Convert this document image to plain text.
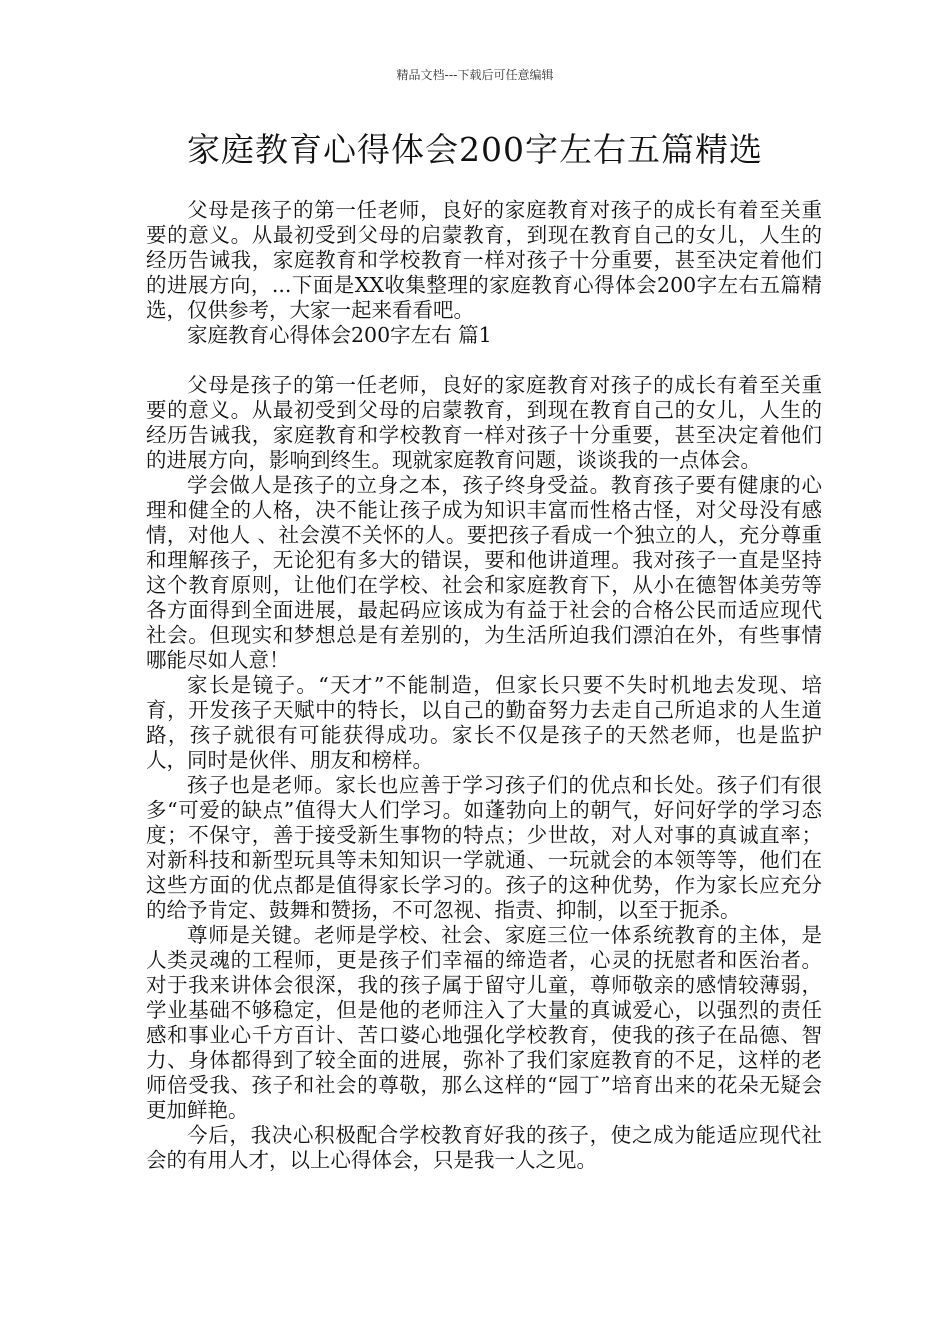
精品文档---下载后可任意编辑
家庭教育心得体会200字左右五篇精选

父母是孩子的第一任老师，良好的家庭教育对孩子的成长有着至关重要的意义。从最初受到父母的启蒙教育，到现在教育自己的女儿，人生的经历告诫我，家庭教育和学校教育一样对孩子十分重要，甚至决定着他们的进展方向，...下面是XX收集整理的家庭教育心得体会200字左右五篇精选，仅供参考，大家一起来看看吧。

家庭教育心得体会200字左右 篇1

父母是孩子的第一任老师，良好的家庭教育对孩子的成长有着至关重要的意义。从最初受到父母的启蒙教育，到现在教育自己的女儿，人生的经历告诫我，家庭教育和学校教育一样对孩子十分重要，甚至决定着他们的进展方向，影响到终生。现就家庭教育问题，谈谈我的一点体会。

学会做人是孩子的立身之本，孩子终身受益。教育孩子要有健康的心理和健全的人格，决不能让孩子成为知识丰富而性格古怪，对父母没有感情，对他人 、社会漠不关怀的人。要把孩子看成一个独立的人，充分尊重和理解孩子，无论犯有多大的错误，要和他讲道理。我对孩子一直是坚持这个教育原则，让他们在学校、社会和家庭教育下，从小在德智体美劳等各方面得到全面进展，最起码应该成为有益于社会的合格公民而适应现代社会。但现实和梦想总是有差别的，为生活所迫我们漂泊在外，有些事情哪能尽如人意！

家长是镜子。“天才”不能制造，但家长只要不失时机地去发现、培育，开发孩子天赋中的特长，以自己的勤奋努力去走自己所追求的人生道路，孩子就很有可能获得成功。家长不仅是孩子的天然老师，也是监护人，同时是伙伴、朋友和榜样。

孩子也是老师。家长也应善于学习孩子们的优点和长处。孩子们有很多“可爱的缺点”值得大人们学习。如蓬勃向上的朝气，好问好学的学习态度；不保守，善于接受新生事物的特点；少世故，对人对事的真诚直率；对新科技和新型玩具等未知知识一学就通、一玩就会的本领等等，他们在这些方面的优点都是值得家长学习的。孩子的这种优势，作为家长应充分的给予肯定、鼓舞和赞扬，不可忽视、指责、抑制，以至于扼杀。

尊师是关键。老师是学校、社会、家庭三位一体系统教育的主体，是人类灵魂的工程师，更是孩子们幸福的缔造者，心灵的抚慰者和医治者。对于我来讲体会很深，我的孩子属于留守儿童，尊师敬亲的感情较薄弱，学业基础不够稳定，但是他的老师注入了大量的真诚爱心，以强烈的责任感和事业心千方百计、苦口婆心地强化学校教育，使我的孩子在品德、智力、身体都得到了较全面的进展，弥补了我们家庭教育的不足，这样的老师倍受我、孩子和社会的尊敬，那么这样的“园丁”培育出来的花朵无疑会更加鲜艳。

今后，我决心积极配合学校教育好我的孩子，使之成为能适应现代社会的有用人才，以上心得体会，只是我一人之见。
